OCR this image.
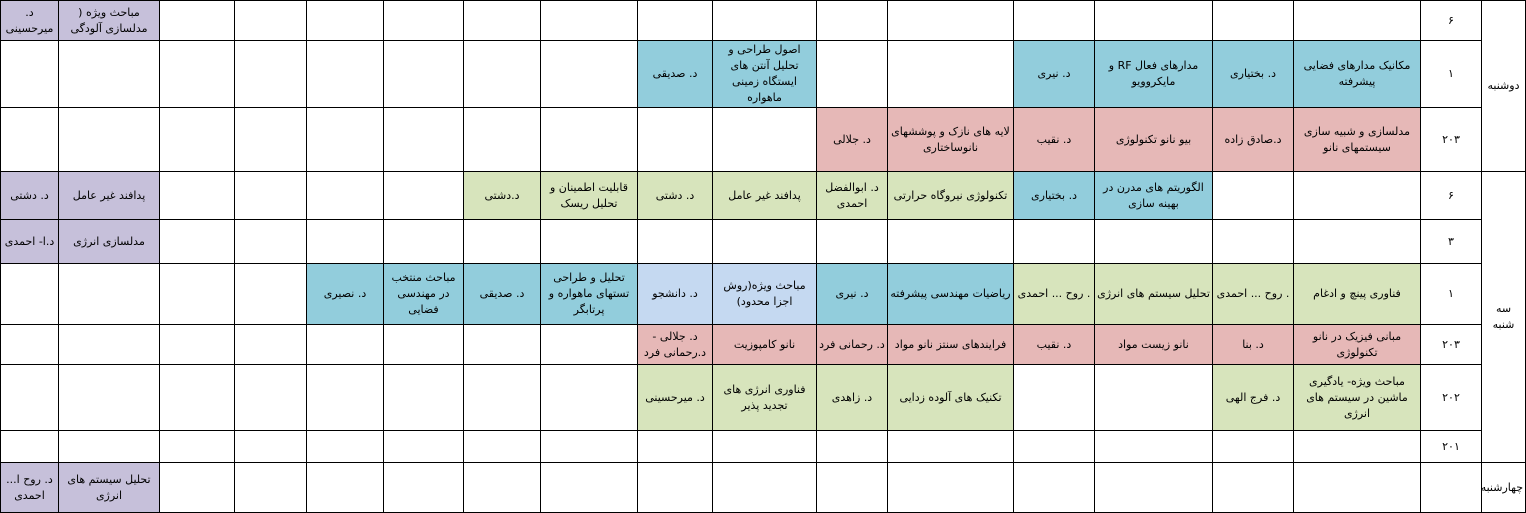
دوشنبه	۶															مباحث ویژه ( مدلسازی آلودگی	د. میرحسینی
	۱	مکانیک مدارهای فضایی پیشرفته	د. بختیاری	مدارهای فعال RF و مایکروویو	د. نیری			اصول طراحی و تحلیل آنتن های ایستگاه زمینی ماهواره	د. صدیقی								
	۲۰۳	مدلسازی و شبیه سازی سیستمهای نانو	د.صادق زاده	بیو نانو تکنولوژی	د. نقیب	لایه های نازک و پوششهای نانوساختاری	د. جلالی										
سه شنبه	۶			الگوریتم های مدرن در بهینه سازی	د. بختیاری	تکنولوژی نیروگاه حرارتی	د. ابوالفضل احمدی	پدافند غیر عامل	د. دشتی	قابلیت اطمینان و تحلیل ریسک	د.دشتی					پدافند غیر عامل	د. دشتی
	۳															مدلسازی انرژی	د.ا- احمدی
	۱	فناوری پینچ و ادغام	. روح ... احمدی	تحلیل سیستم های انرژی	. روح ... احمدی	ریاضیات مهندسی پیشرفته	د. نیری	مباحث ویژه(روش اجزا محدود)	د. دانشجو	تحلیل و طراحی تستهای ماهواره و پرتابگر	د. صدیقی	مباحث منتخب در مهندسی فضایی	د. نصیری				
	۲۰۳	مبانی فیزیک در نانو تکنولوژی	د. بنا	نانو زیست مواد	د. نقیب	فرایندهای سنتز نانو مواد	د. رحمانی فرد	نانو کامپوزیت	د. جلالی - د.رحمانی فرد								
	۲۰۲	مباحث ویژه- یادگیری ماشین در سیستم های انرژی	د. فرج الهی			تکنیک های آلوده زدایی	د. زاهدی	فناوری انرژی های تجدید پذیر	د. میرحسینی								
	۲۰۱																
چهارشنبه																تحلیل سیستم های انرژی	د. روح ا... احمدی
